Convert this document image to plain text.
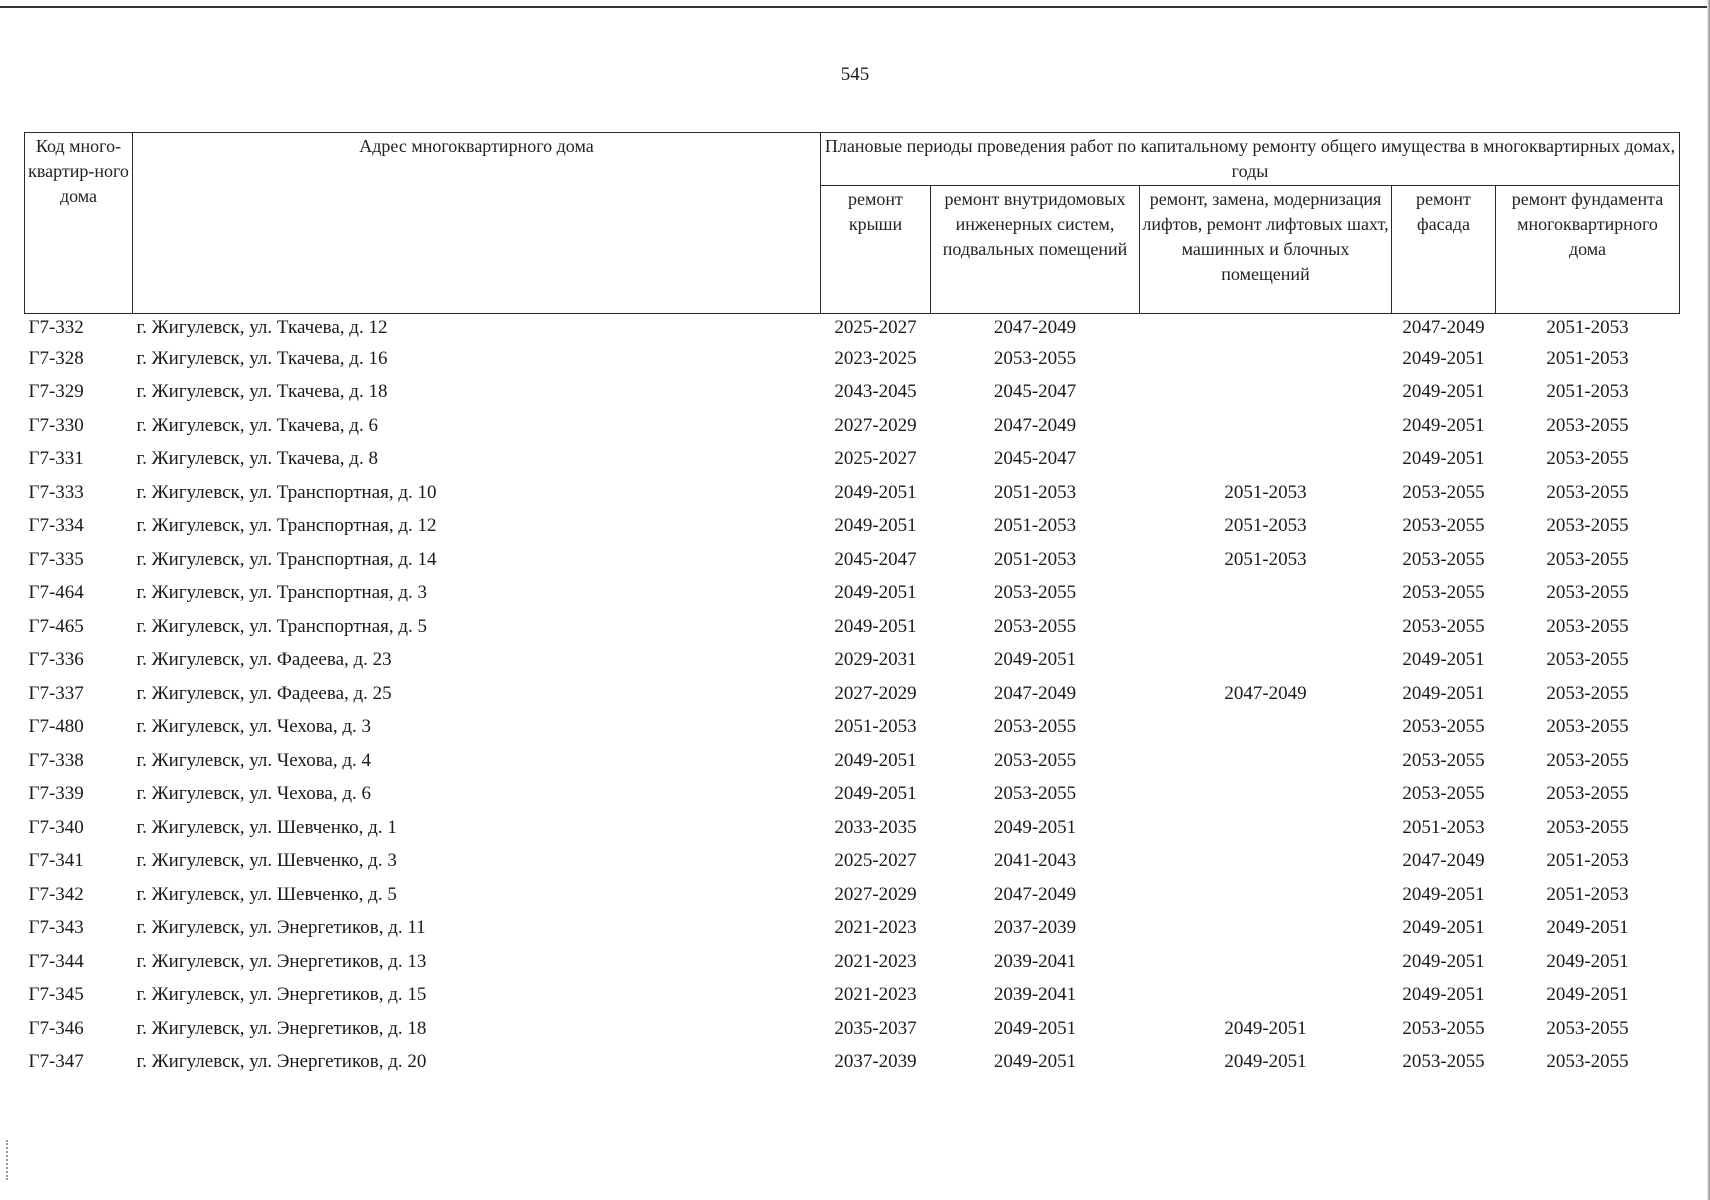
545
Код много-квартир-ного дома	Адрес многоквартирного дома	Плановые периоды проведения работ по капитальному ремонту общего имущества в многоквартирных домах, годы				
		ремонт крыши	ремонт внутридомовых инженерных систем, подвальных помещений	ремонт, замена, модернизация лифтов, ремонт лифтовых шахт, машинных и блочных помещений	ремонт фасада	ремонт фундамента многоквартирного дома
Г7-332	г. Жигулевск, ул. Ткачева, д. 12	2025-2027	2047-2049		2047-2049	2051-2053
Г7-328	г. Жигулевск, ул. Ткачева, д. 16	2023-2025	2053-2055		2049-2051	2051-2053
Г7-329	г. Жигулевск, ул. Ткачева, д. 18	2043-2045	2045-2047		2049-2051	2051-2053
Г7-330	г. Жигулевск, ул. Ткачева, д. 6	2027-2029	2047-2049		2049-2051	2053-2055
Г7-331	г. Жигулевск, ул. Ткачева, д. 8	2025-2027	2045-2047		2049-2051	2053-2055
Г7-333	г. Жигулевск, ул. Транспортная, д. 10	2049-2051	2051-2053	2051-2053	2053-2055	2053-2055
Г7-334	г. Жигулевск, ул. Транспортная, д. 12	2049-2051	2051-2053	2051-2053	2053-2055	2053-2055
Г7-335	г. Жигулевск, ул. Транспортная, д. 14	2045-2047	2051-2053	2051-2053	2053-2055	2053-2055
Г7-464	г. Жигулевск, ул. Транспортная, д. 3	2049-2051	2053-2055		2053-2055	2053-2055
Г7-465	г. Жигулевск, ул. Транспортная, д. 5	2049-2051	2053-2055		2053-2055	2053-2055
Г7-336	г. Жигулевск, ул. Фадеева, д. 23	2029-2031	2049-2051		2049-2051	2053-2055
Г7-337	г. Жигулевск, ул. Фадеева, д. 25	2027-2029	2047-2049	2047-2049	2049-2051	2053-2055
Г7-480	г. Жигулевск, ул. Чехова, д. 3	2051-2053	2053-2055		2053-2055	2053-2055
Г7-338	г. Жигулевск, ул. Чехова, д. 4	2049-2051	2053-2055		2053-2055	2053-2055
Г7-339	г. Жигулевск, ул. Чехова, д. 6	2049-2051	2053-2055		2053-2055	2053-2055
Г7-340	г. Жигулевск, ул. Шевченко, д. 1	2033-2035	2049-2051		2051-2053	2053-2055
Г7-341	г. Жигулевск, ул. Шевченко, д. 3	2025-2027	2041-2043		2047-2049	2051-2053
Г7-342	г. Жигулевск, ул. Шевченко, д. 5	2027-2029	2047-2049		2049-2051	2051-2053
Г7-343	г. Жигулевск, ул. Энергетиков, д. 11	2021-2023	2037-2039		2049-2051	2049-2051
Г7-344	г. Жигулевск, ул. Энергетиков, д. 13	2021-2023	2039-2041		2049-2051	2049-2051
Г7-345	г. Жигулевск, ул. Энергетиков, д. 15	2021-2023	2039-2041		2049-2051	2049-2051
Г7-346	г. Жигулевск, ул. Энергетиков, д. 18	2035-2037	2049-2051	2049-2051	2053-2055	2053-2055
Г7-347	г. Жигулевск, ул. Энергетиков, д. 20	2037-2039	2049-2051	2049-2051	2053-2055	2053-2055
